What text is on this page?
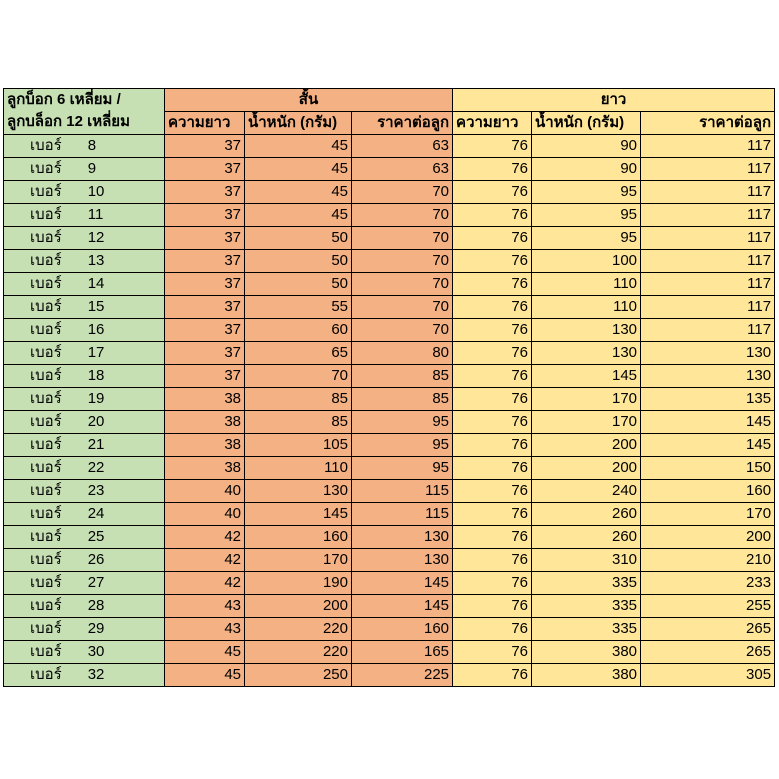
ลูกบ็อก 6 เหลี่ยม /
ลูกบล็อก 12 เหลี่ยม	สั้น			ยาว		
	ความยาว	น้ำหนัก (กรัม)	ราคาต่อลูก	ความยาว	น้ำหนัก (กรัม)	ราคาต่อลูก
เบอร์ 8	37	45	63	76	90	117
เบอร์ 9	37	45	63	76	90	117
เบอร์ 10	37	45	70	76	95	117
เบอร์ 11	37	45	70	76	95	117
เบอร์ 12	37	50	70	76	95	117
เบอร์ 13	37	50	70	76	100	117
เบอร์ 14	37	50	70	76	110	117
เบอร์ 15	37	55	70	76	110	117
เบอร์ 16	37	60	70	76	130	117
เบอร์ 17	37	65	80	76	130	130
เบอร์ 18	37	70	85	76	145	130
เบอร์ 19	38	85	85	76	170	135
เบอร์ 20	38	85	95	76	170	145
เบอร์ 21	38	105	95	76	200	145
เบอร์ 22	38	110	95	76	200	150
เบอร์ 23	40	130	115	76	240	160
เบอร์ 24	40	145	115	76	260	170
เบอร์ 25	42	160	130	76	260	200
เบอร์ 26	42	170	130	76	310	210
เบอร์ 27	42	190	145	76	335	233
เบอร์ 28	43	200	145	76	335	255
เบอร์ 29	43	220	160	76	335	265
เบอร์ 30	45	220	165	76	380	265
เบอร์ 32	45	250	225	76	380	305
